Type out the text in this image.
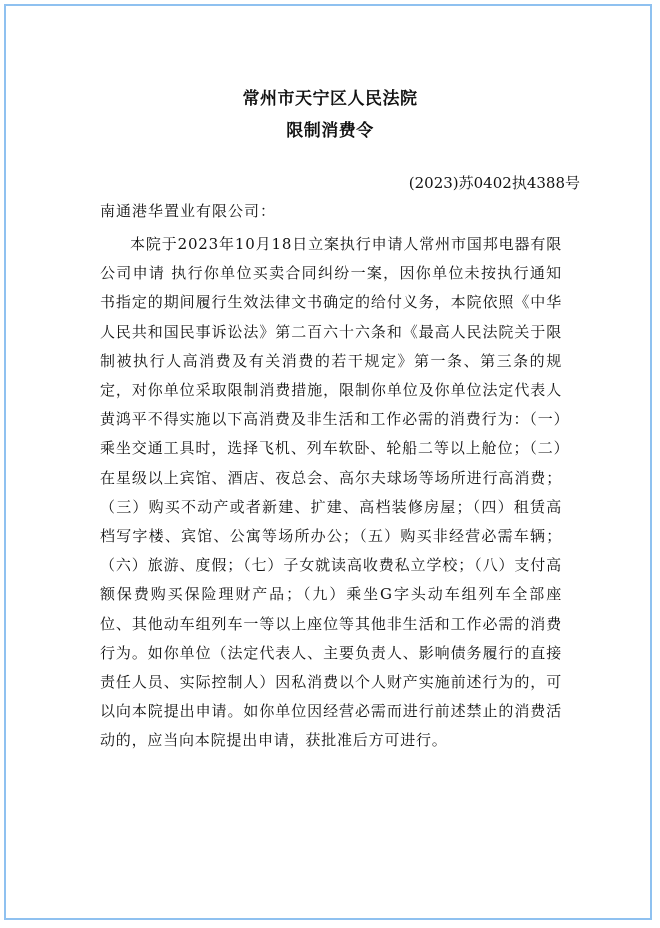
常州市天宁区人民法院
限制消费令
(2023)苏0402执4388号
南通港华置业有限公司：

本院于2023年10月18日立案执行申请人常州市国邦电器有限公司申请 执行你单位买卖合同纠纷一案，因你单位未按执行通知书指定的期间履行生效法律文书确定的给付义务，本院依照《中华人民共和国民事诉讼法》第二百六十六条和《最高人民法院关于限制被执行人高消费及有关消费的若干规定》第一条、第三条的规定，对你单位采取限制消费措施，限制你单位及你单位法定代表人黄鸿平不得实施以下高消费及非生活和工作必需的消费行为：（一）乘坐交通工具时，选择飞机、列车软卧、轮船二等以上舱位；（二）在星级以上宾馆、酒店、夜总会、高尔夫球场等场所进行高消费；（三）购买不动产或者新建、扩建、高档装修房屋；（四）租赁高档写字楼、宾馆、公寓等场所办公；（五）购买非经营必需车辆；（六）旅游、度假；（七）子女就读高收费私立学校；（八）支付高额保费购买保险理财产品；（九）乘坐G字头动车组列车全部座位、其他动车组列车一等以上座位等其他非生活和工作必需的消费行为。如你单位（法定代表人、主要负责人、影响债务履行的直接责任人员、实际控制人）因私消费以个人财产实施前述行为的，可以向本院提出申请。如你单位因经营必需而进行前述禁止的消费活动的，应当向本院提出申请，获批准后方可进行。
